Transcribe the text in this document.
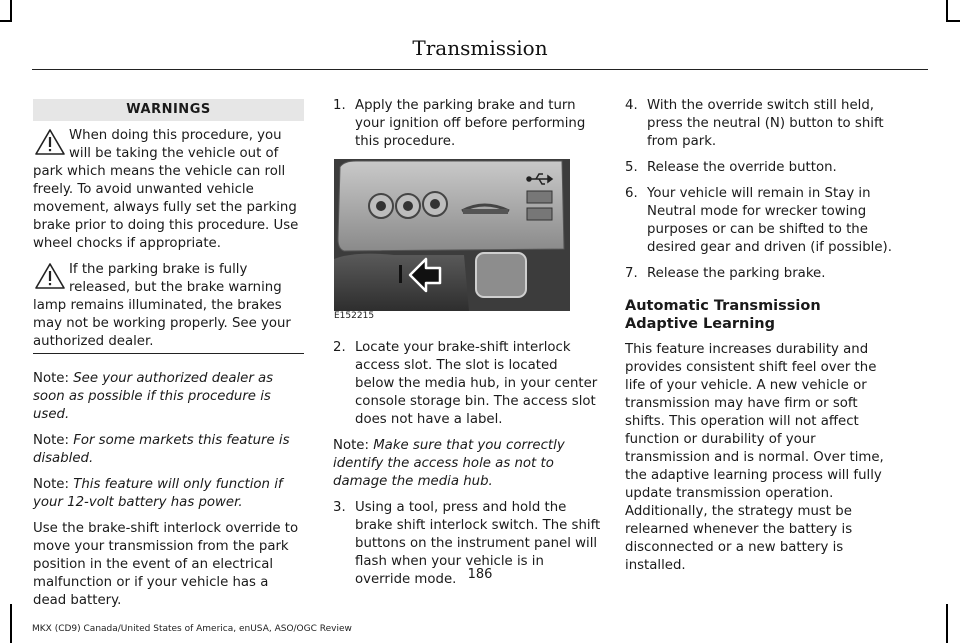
Transmission
WARNINGS
When doing this procedure, you will be taking the vehicle out of park which means the vehicle can roll freely. To avoid unwanted vehicle movement, always fully set the parking brake prior to doing this procedure. Use wheel chocks if appropriate.
If the parking brake is fully released, but the brake warning lamp remains illuminated, the brakes may not be working properly. See your authorized dealer.

Note: See your authorized dealer as soon as possible if this procedure is used.

Note: For some markets this feature is disabled.

Note: This feature will only function if your 12-volt battery has power.

Use the brake-shift interlock override to move your transmission from the park position in the event of an electrical malfunction or if your vehicle has a dead battery.

1. Apply the parking brake and turn your ignition off before performing this procedure.
E152215
2. Locate your brake-shift interlock access slot. The slot is located below the media hub, in your center console storage bin. The access slot does not have a label.

Note: Make sure that you correctly identify the access hole as not to damage the media hub.

3. Using a tool, press and hold the brake shift interlock switch. The shift buttons on the instrument panel will flash when your vehicle is in override mode.
4. With the override switch still held, press the neutral (N) button to shift from park.
5. Release the override button.
6. Your vehicle will remain in Stay in Neutral mode for wrecker towing purposes or can be shifted to the desired gear and driven (if possible).
7. Release the parking brake.
Automatic Transmission Adaptive Learning

This feature increases durability and provides consistent shift feel over the life of your vehicle. A new vehicle or transmission may have firm or soft shifts. This operation will not affect function or durability of your transmission and is normal. Over time, the adaptive learning process will fully update transmission operation. Additionally, the strategy must be relearned whenever the battery is disconnected or a new battery is installed.

186
MKX (CD9) Canada/United States of America, enUSA, ASO/OGC Review
